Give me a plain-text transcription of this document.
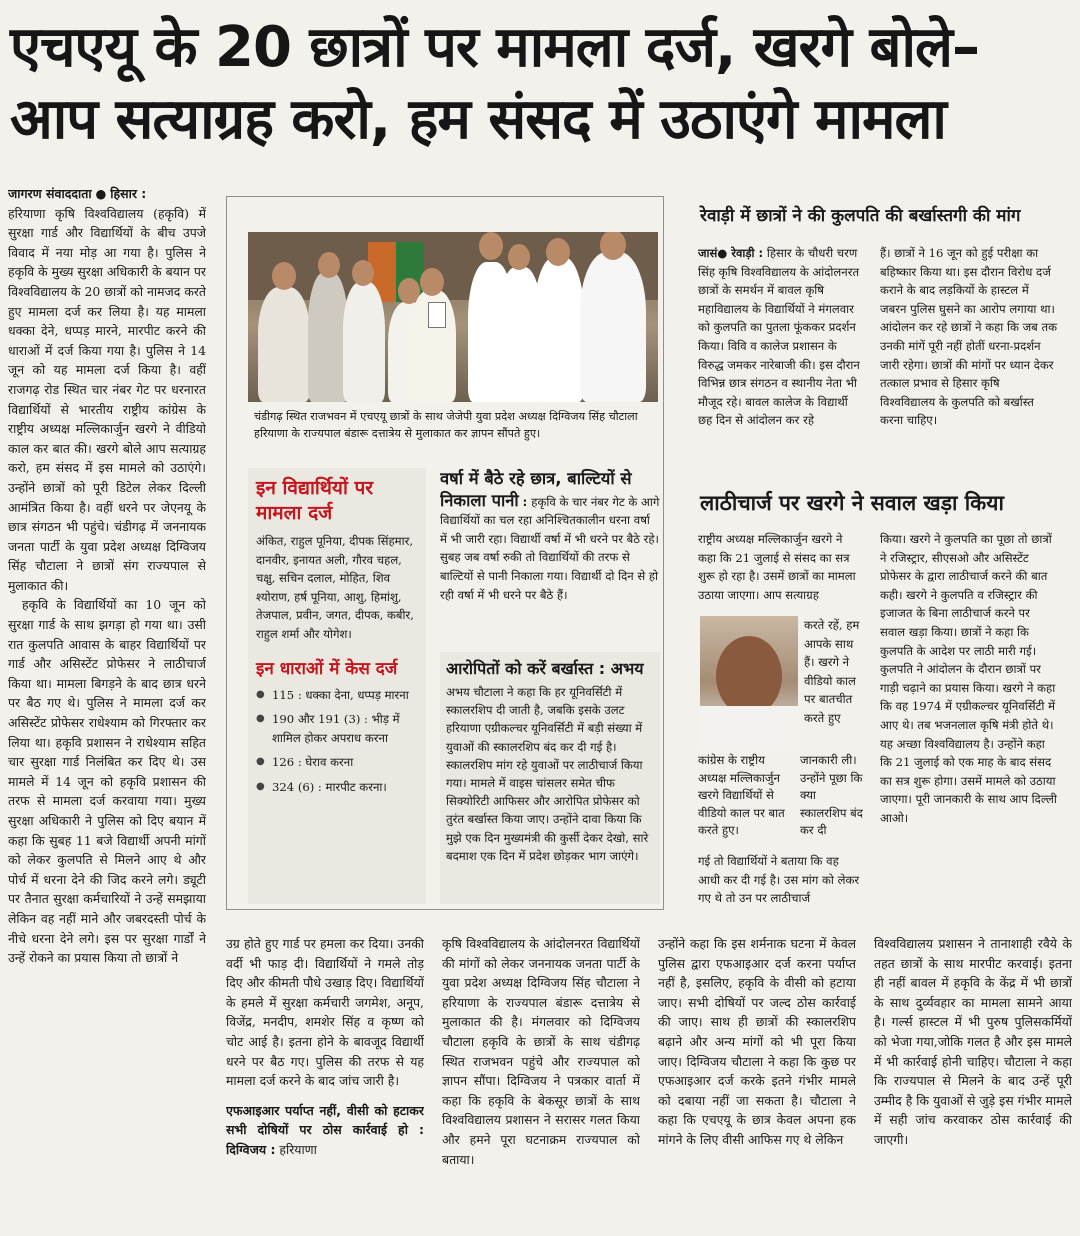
एचएयू के 20 छात्रों पर मामला दर्ज, खरगे बोले–
आप सत्याग्रह करो, हम संसद में उठाएंगे मामला

जागरण संवाददाता ● हिसार :

हरियाणा कृषि विश्वविद्यालय (हकृवि) में सुरक्षा गार्ड और विद्यार्थियों के बीच उपजे विवाद में नया मोड़ आ गया है। पुलिस ने हकृवि के मुख्य सुरक्षा अधिकारी के बयान पर विश्वविद्यालय के 20 छात्रों को नामजद करते हुए मामला दर्ज कर लिया है। यह मामला धक्का देने, धप्पड़ मारने, मारपीट करने की धाराओं में दर्ज किया गया है। पुलिस ने 14 जून को यह मामला दर्ज किया है। वहीं राजगढ़ रोड स्थित चार नंबर गेट पर धरनारत विद्यार्थियों से भारतीय राष्ट्रीय कांग्रेस के राष्ट्रीय अध्यक्ष मल्लिकार्जुन खरगे ने वीडियो काल कर बात की। खरगे बोले आप सत्याग्रह करो, हम संसद में इस मामले को उठाएंगे। उन्होंने छात्रों को पूरी डिटेल लेकर दिल्ली आमंत्रित किया है। वहीं धरने पर जेएनयू के छात्र संगठन भी पहुंचे। चंडीगढ़ में जननायक जनता पार्टी के युवा प्रदेश अध्यक्ष दिग्विजय सिंह चौटाला ने छात्रों संग राज्यपाल से मुलाकात की।

हकृवि के विद्यार्थियों का 10 जून को सुरक्षा गार्ड के साथ झगड़ा हो गया था। उसी रात कुलपति आवास के बाहर विद्यार्थियों पर गार्ड और असिस्टेंट प्रोफेसर ने लाठीचार्ज किया था। मामला बिगड़ने के बाद छात्र धरने पर बैठ गए थे। पुलिस ने मामला दर्ज कर असिस्टेंट प्रोफेसर राधेश्याम को गिरफ्तार कर लिया था। हकृवि प्रशासन ने राधेश्याम सहित चार सुरक्षा गार्ड निलंबित कर दिए थे। उस मामले में 14 जून को हकृवि प्रशासन की तरफ से मामला दर्ज करवाया गया। मुख्य सुरक्षा अधिकारी ने पुलिस को दिए बयान में कहा कि सुबह 11 बजे विद्यार्थी अपनी मांगों को लेकर कुलपति से मिलने आए थे और पोर्च में धरना देने की जिद करने लगे। ड्यूटी पर तैनात सुरक्षा कर्मचारियों ने उन्हें समझाया लेकिन वह नहीं माने और जबरदस्ती पोर्च के नीचे धरना देने लगे। इस पर सुरक्षा गार्डों ने उन्हें रोकने का प्रयास किया तो छात्रों ने

चंडीगढ़ स्थित राजभवन में एचएयू छात्रों के साथ जेजेपी युवा प्रदेश अध्यक्ष दिग्विजय सिंह चौटाला हरियाणा के राज्यपाल बंडारू दत्तात्रेय से मुलाकात कर ज्ञापन सौंपते हुए।
इन विद्यार्थियों पर मामला दर्ज
अंकित, राहुल पूनिया, दीपक सिंहमार, दानवीर, इनायत अली, गौरव चहल, चक्षु, सचिन दलाल, मोहित, शिव श्योराण, हर्ष पूनिया, आशु, हिमांशु, तेजपाल, प्रवीन, जगत, दीपक, कबीर, राहुल शर्मा और योगेश।
इन धाराओं में केस दर्ज
● 115 : धक्का देना, धप्पड़ मारना
● 190 और 191 (3) : भीड़ में शामिल होकर अपराध करना
● 126 : घेराव करना
● 324 (6) : मारपीट करना।
वर्षा में बैठे रहे छात्र, बाल्टियों से निकाला पानी : हकृवि के चार नंबर गेट के आगे विद्यार्थियों का चल रहा अनिश्चितकालीन धरना वर्षा में भी जारी रहा। विद्यार्थी वर्षा में भी धरने पर बैठे रहे। सुबह जब वर्षा रुकी तो विद्यार्थियों की तरफ से बाल्टियों से पानी निकाला गया। विद्यार्थी दो दिन से हो रही वर्षा में भी धरने पर बैठे हैं।
आरोपितों को करें बर्खास्त : अभय
अभय चौटाला ने कहा कि हर यूनिवर्सिटी में स्कालरशिप दी जाती है, जबकि इसके उलट हरियाणा एग्रीकल्चर यूनिवर्सिटी में बड़ी संख्या में युवाओं की स्कालरशिप बंद कर दी गई है। स्कालरशिप मांग रहे युवाओं पर लाठीचार्ज किया गया। मामले में वाइस चांसलर समेत चीफ सिक्योरिटी आफिसर और आरोपित प्रोफेसर को तुरंत बर्खास्त किया जाए। उन्होंने दावा किया कि मुझे एक दिन मुख्यमंत्री की कुर्सी देकर देखो, सारे बदमाश एक दिन में प्रदेश छोड़कर भाग जाएंगे।
रेवाड़ी में छात्रों ने की कुलपति की बर्खास्तगी की मांग
जासं● रेवाड़ी : हिसार के चौधरी चरण सिंह कृषि विश्वविद्यालय के आंदोलनरत छात्रों के समर्थन में बावल कृषि महाविद्यालय के विद्यार्थियों ने मंगलवार को कुलपति का पुतला फूंककर प्रदर्शन किया। विवि व कालेज प्रशासन के विरुद्ध जमकर नारेबाजी की। इस दौरान विभिन्न छात्र संगठन व स्थानीय नेता भी मौजूद रहे। बावल कालेज के विद्यार्थी छह दिन से आंदोलन कर रहे
हैं। छात्रों ने 16 जून को हुई परीक्षा का बहिष्कार किया था। इस दौरान विरोध दर्ज कराने के बाद लड़कियों के हास्टल में जबरन पुलिस घुसने का आरोप लगाया था। आंदोलन कर रहे छात्रों ने कहा कि जब तक उनकी मांगें पूरी नहीं होतीं धरना-प्रदर्शन जारी रहेगा। छात्रों की मांगों पर ध्यान देकर तत्काल प्रभाव से हिसार कृषि विश्वविद्यालय के कुलपति को बर्खास्त करना चाहिए।
लाठीचार्ज पर खरगे ने सवाल खड़ा किया
राष्ट्रीय अध्यक्ष मल्लिकार्जुन खरगे ने कहा कि 21 जुलाई से संसद का सत्र शुरू हो रहा है। उसमें छात्रों का मामला उठाया जाएगा। आप सत्याग्रह
करते रहें, हम आपके साथ हैं। खरगे ने वीडियो काल पर बातचीत करते हुए
कांग्रेस के राष्ट्रीय अध्यक्ष मल्लिकार्जुन खरगे विद्यार्थियों से वीडियो काल पर बात करते हुए।
जानकारी ली। उन्होंने पूछा कि क्या स्कालरशिप बंद कर दी
गई तो विद्यार्थियों ने बताया कि वह आधी कर दी गई है। उस मांग को लेकर गए थे तो उन पर लाठीचार्ज
किया। खरगे ने कुलपति का पूछा तो छात्रों ने रजिस्ट्रार, सीएसओ और असिस्टेंट प्रोफेसर के द्वारा लाठीचार्ज करने की बात कही। खरगे ने कुलपति व रजिस्ट्रार की इजाजत के बिना लाठीचार्ज करने पर सवाल खड़ा किया। छात्रों ने कहा कि कुलपति के आदेश पर लाठी मारी गई। कुलपति ने आंदोलन के दौरान छात्रों पर गाड़ी चढ़ाने का प्रयास किया। खरगे ने कहा कि वह 1974 में एग्रीकल्चर यूनिवर्सिटी में आए थे। तब भजनलाल कृषि मंत्री होते थे। यह अच्छा विश्वविद्यालय है। उन्होंने कहा कि 21 जुलाई को एक माह के बाद संसद का सत्र शुरू होगा। उसमें मामले को उठाया जाएगा। पूरी जानकारी के साथ आप दिल्ली आओ।

उग्र होते हुए गार्ड पर हमला कर दिया। उनकी वर्दी भी फाड़ दी। विद्यार्थियों ने गमले तोड़ दिए और कीमती पौधे उखाड़ दिए। विद्यार्थियों के हमले में सुरक्षा कर्मचारी जगमेश, अनूप, विजेंद्र, मनदीप, शमशेर सिंह व कृष्ण को चोट आई है। इतना होने के बावजूद विद्यार्थी धरने पर बैठ गए। पुलिस की तरफ से यह मामला दर्ज करने के बाद जांच जारी है।

एफआइआर पर्याप्त नहीं, वीसी को हटाकर सभी दोषियों पर ठोस कार्रवाई हो : दिग्विजय : हरियाणा

कृषि विश्वविद्यालय के आंदोलनरत विद्यार्थियों की मांगों को लेकर जननायक जनता पार्टी के युवा प्रदेश अध्यक्ष दिग्विजय सिंह चौटाला ने हरियाणा के राज्यपाल बंडारू दत्तात्रेय से मुलाकात की है। मंगलवार को दिग्विजय चौटाला हकृवि के छात्रों के साथ चंडीगढ़ स्थित राजभवन पहुंचे और राज्यपाल को ज्ञापन सौंपा। दिग्विजय ने पत्रकार वार्ता में कहा कि हकृवि के बेकसूर छात्रों के साथ विश्वविद्यालय प्रशासन ने सरासर गलत किया और हमने पूरा घटनाक्रम राज्यपाल को बताया।
उन्होंने कहा कि इस शर्मनाक घटना में केवल पुलिस द्वारा एफआइआर दर्ज करना पर्याप्त नहीं है, इसलिए, हकृवि के वीसी को हटाया जाए। सभी दोषियों पर जल्द ठोस कार्रवाई की जाए। साथ ही छात्रों की स्कालरशिप बढ़ाने और अन्य मांगों को भी पूरा किया जाए। दिग्विजय चौटाला ने कहा कि कुछ पर एफआइआर दर्ज करके इतने गंभीर मामले को दबाया नहीं जा सकता है। चौटाला ने कहा कि एचएयू के छात्र केवल अपना हक मांगने के लिए वीसी आफिस गए थे लेकिन
विश्वविद्यालय प्रशासन ने तानाशाही रवैये के तहत छात्रों के साथ मारपीट करवाई। इतना ही नहीं बावल में हकृवि के केंद्र में भी छात्रों के साथ दुर्व्यवहार का मामला सामने आया है। गर्ल्स हास्टल में भी पुरुष पुलिसकर्मियों को भेजा गया,जोकि गलत है और इस मामले में भी कार्रवाई होनी चाहिए। चौटाला ने कहा कि राज्यपाल से मिलने के बाद उन्हें पूरी उम्मीद है कि युवाओं से जुड़े इस गंभीर मामले में सही जांच करवाकर ठोस कार्रवाई की जाएगी।
